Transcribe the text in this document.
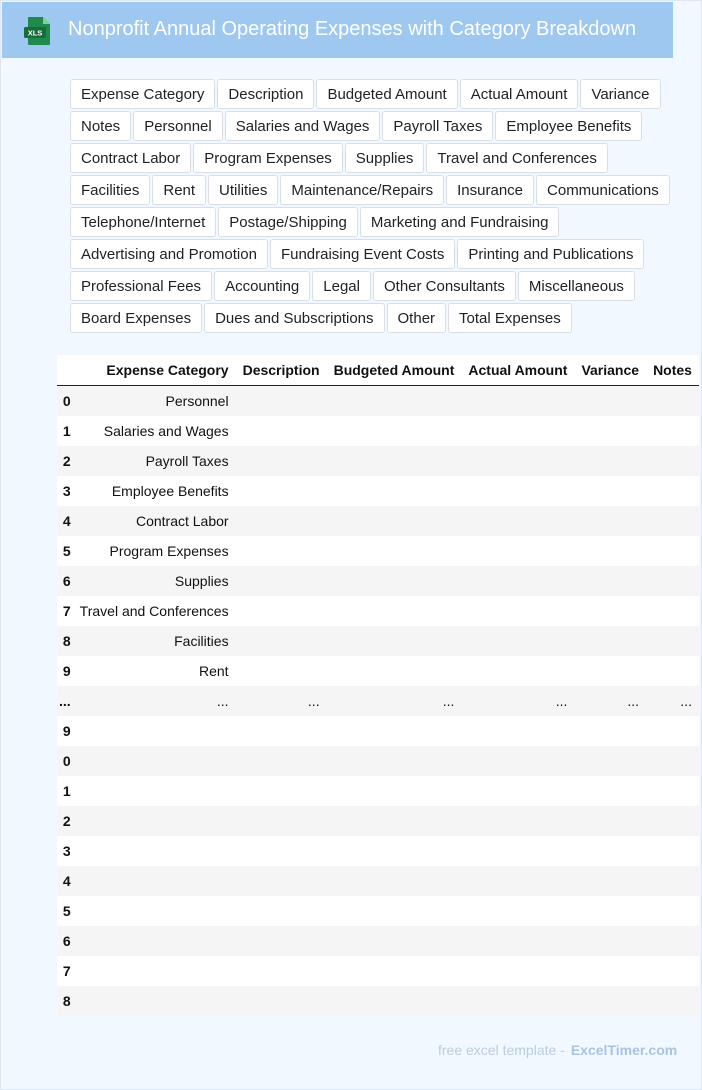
XLS Nonprofit Annual Operating Expenses with Category Breakdown
Expense Category	Description	Budgeted Amount	Actual Amount	Variance
Notes	Personnel	Salaries and Wages	Payroll Taxes	Employee Benefits
Contract Labor	Program Expenses	Supplies	Travel and Conferences
Facilities	Rent	Utilities	Maintenance/Repairs	Insurance	Communications
Telephone/Internet	Postage/Shipping	Marketing and Fundraising
Advertising and Promotion	Fundraising Event Costs	Printing and Publications
Professional Fees	Accounting	Legal	Other Consultants	Miscellaneous
Board Expenses	Dues and Subscriptions	Other	Total Expenses
	Expense Category	Description	Budgeted Amount	Actual Amount	Variance	Notes
0	Personnel					
1	Salaries and Wages					
2	Payroll Taxes					
3	Employee Benefits					
4	Contract Labor					
5	Program Expenses					
6	Supplies					
7	Travel and Conferences					
8	Facilities					
9	Rent					
...	...	...	...	...	...	...
9						
0						
1						
2						
3						
4						
5						
6						
7						
8						
free excel template - ExcelTimer.com
